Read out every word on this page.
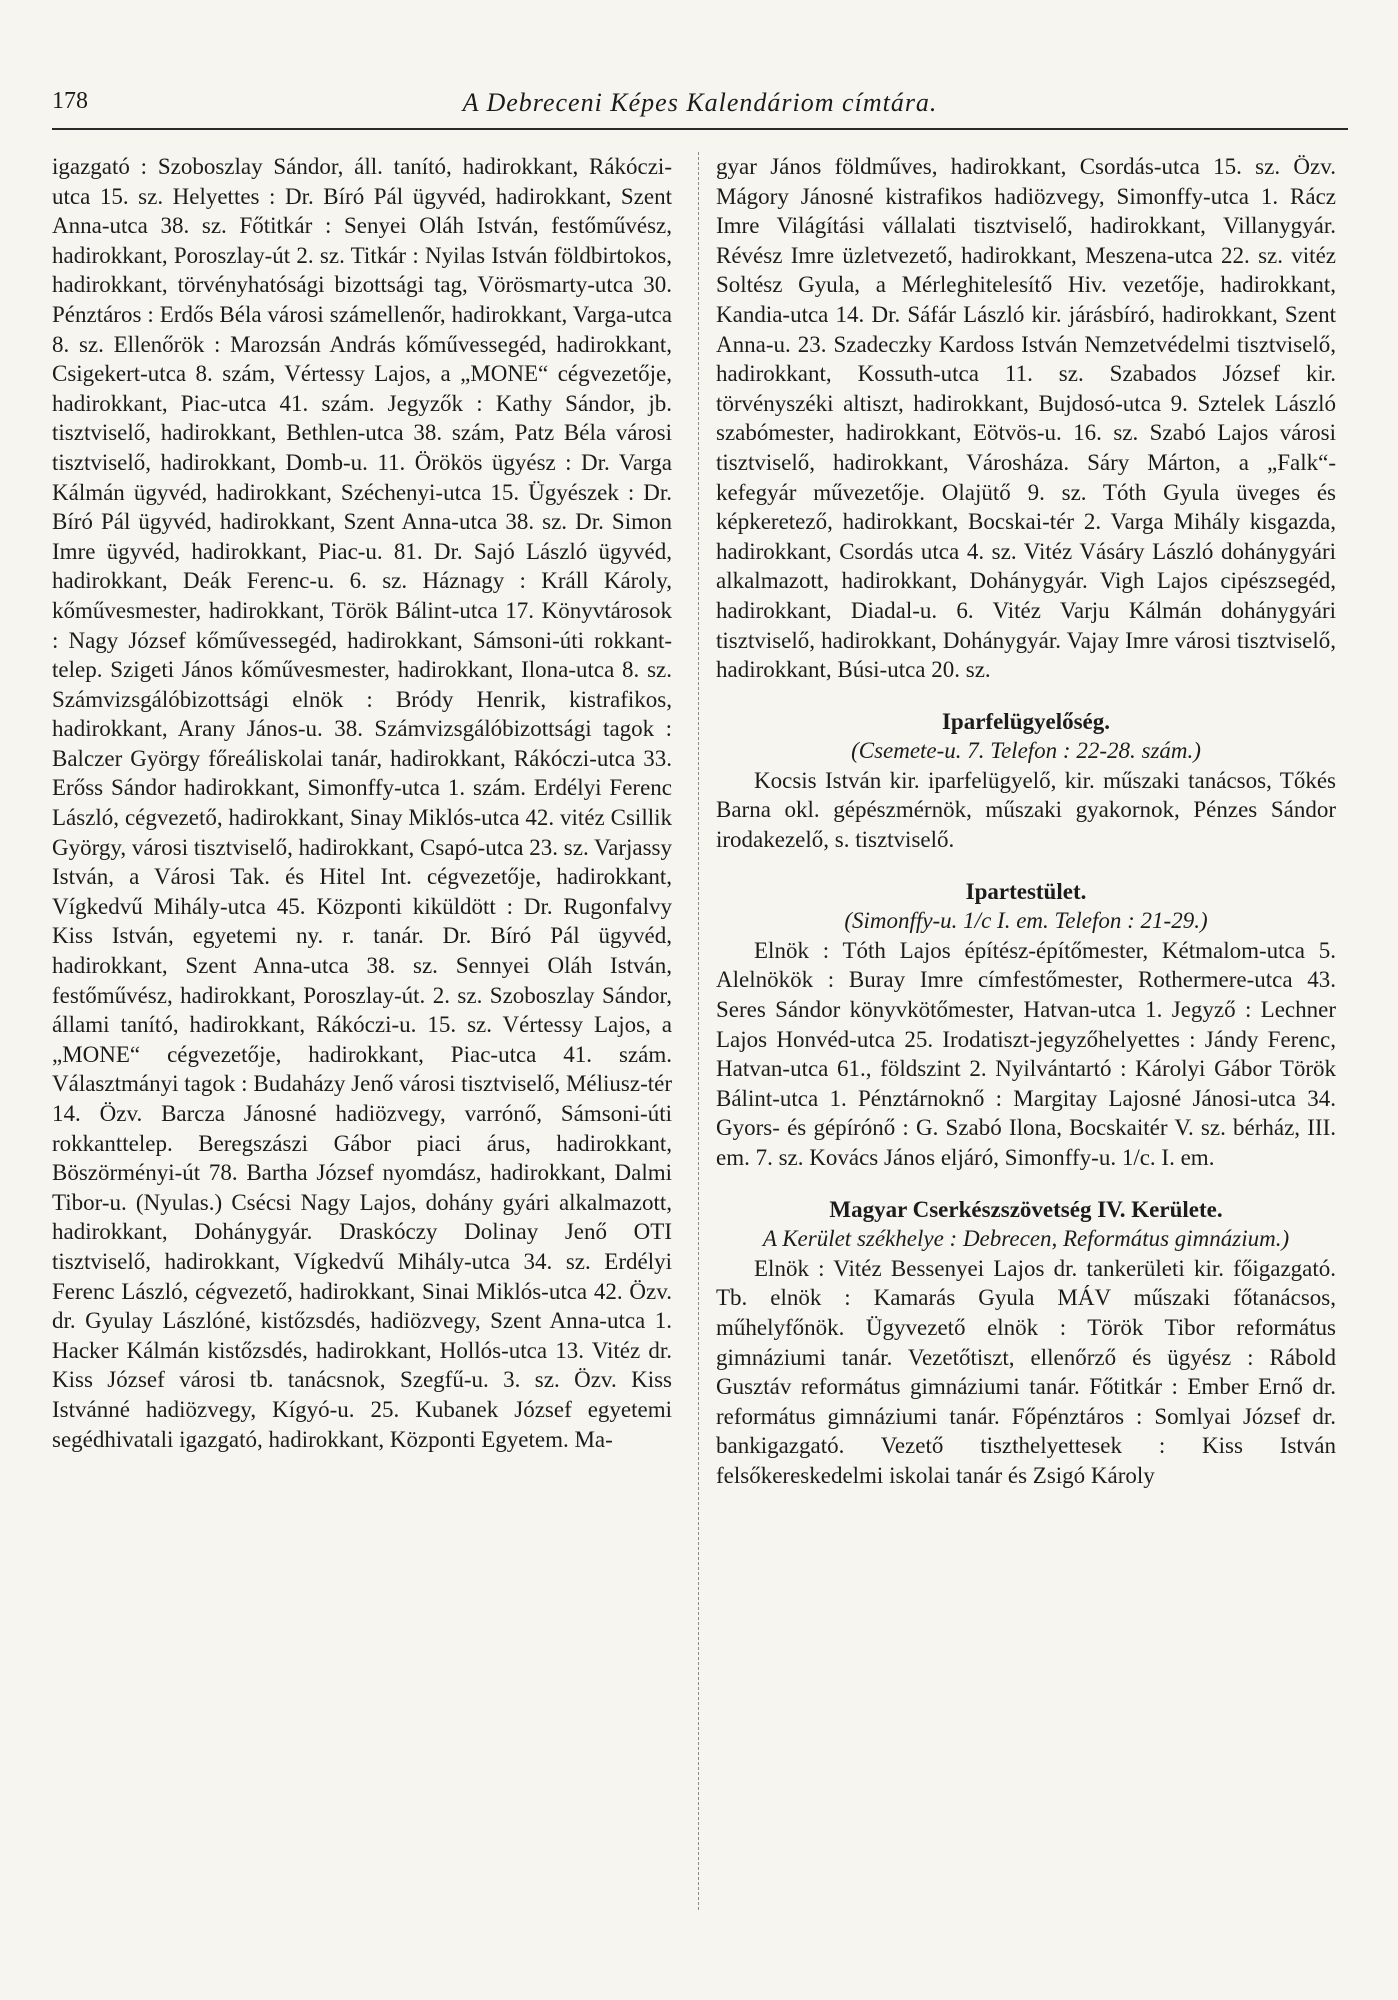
178	A Debreceni Képes Kalendáriom címtára.

igazgató : Szoboszlay Sándor, áll. tanító, hadirokkant, Rákóczi-utca 15. sz. Helyettes : Dr. Bíró Pál ügyvéd, hadirokkant, Szent Anna-utca 38. sz. Főtitkár : Senyei Oláh István, festőművész, hadirokkant, Poroszlay-út 2. sz. Titkár : Nyilas István földbirtokos, hadirokkant, törvényhatósági bizottsági tag, Vörösmarty-utca 30. Pénztáros : Erdős Béla városi számellenőr, hadirokkant, Varga-utca 8. sz. Ellenőrök : Marozsán András kőművessegéd, hadirokkant, Csigekert-utca 8. szám, Vértessy Lajos, a „MONE“ cégvezetője, hadirokkant, Piac-utca 41. szám. Jegyzők : Kathy Sándor, jb. tisztviselő, hadirokkant, Bethlen-utca 38. szám, Patz Béla városi tisztviselő, hadirokkant, Domb-u. 11. Örökös ügyész : Dr. Varga Kálmán ügyvéd, hadirokkant, Széchenyi-utca 15. Ügyészek : Dr. Bíró Pál ügyvéd, hadirokkant, Szent Anna-utca 38. sz. Dr. Simon Imre ügyvéd, hadirokkant, Piac-u. 81. Dr. Sajó László ügyvéd, hadirokkant, Deák Ferenc-u. 6. sz. Háznagy : Králl Károly, kőművesmester, hadirokkant, Török Bálint-utca 17. Könyvtárosok : Nagy József kőművessegéd, hadirokkant, Sámsoni-úti rokkant-telep. Szigeti János kőművesmester, hadirokkant, Ilona-utca 8. sz. Számvizsgálóbizottsági elnök : Bródy Henrik, kistrafikos, hadirokkant, Arany János-u. 38. Számvizsgálóbizottsági tagok : Balczer György főreáliskolai tanár, hadirokkant, Rákóczi-utca 33. Erőss Sándor hadirokkant, Simonffy-utca 1. szám. Erdélyi Ferenc László, cégvezető, hadirokkant, Sinay Miklós-utca 42. vitéz Csillik György, városi tisztviselő, hadirokkant, Csapó-utca 23. sz. Varjassy István, a Városi Tak. és Hitel Int. cégvezetője, hadirokkant, Vígkedvű Mihály-utca 45. Központi kiküldött : Dr. Rugonfalvy Kiss István, egyetemi ny. r. tanár. Dr. Bíró Pál ügyvéd, hadirokkant, Szent Anna-utca 38. sz. Sennyei Oláh István, festőművész, hadirokkant, Poroszlay-út. 2. sz. Szoboszlay Sándor, állami tanító, hadirokkant, Rákóczi-u. 15. sz. Vértessy Lajos, a „MONE“ cégvezetője, hadirokkant, Piac-utca 41. szám. Választmányi tagok : Budaházy Jenő városi tisztviselő, Méliusz-tér 14. Özv. Barcza Jánosné hadiözvegy, varrónő, Sámsoni-úti rokkanttelep. Beregszászi Gábor piaci árus, hadirokkant, Böszörményi-út 78. Bartha József nyomdász, hadirokkant, Dalmi Tibor-u. (Nyulas.) Csécsi Nagy Lajos, dohány gyári alkalmazott, hadirokkant, Dohánygyár. Draskóczy Dolinay Jenő OTI tisztviselő, hadirokkant, Vígkedvű Mihály-utca 34. sz. Erdélyi Ferenc László, cégvezető, hadirokkant, Sinai Miklós-utca 42. Özv. dr. Gyulay Lászlóné, kistőzsdés, hadiözvegy, Szent Anna-utca 1. Hacker Kálmán kistőzsdés, hadirokkant, Hollós-utca 13. Vitéz dr. Kiss József városi tb. tanácsnok, Szegfű-u. 3. sz. Özv. Kiss Istvánné hadiözvegy, Kígyó-u. 25. Kubanek József egyetemi segédhivatali igazgató, hadirokkant, Központi Egyetem. Ma-

gyar János földműves, hadirokkant, Csordás-utca 15. sz. Özv. Mágory Jánosné kistrafikos hadiözvegy, Simonffy-utca 1. Rácz Imre Világítási vállalati tisztviselő, hadirokkant, Villanygyár. Révész Imre üzletvezető, hadirokkant, Meszena-utca 22. sz. vitéz Soltész Gyula, a Mérleghitelesítő Hiv. vezetője, hadirokkant, Kandia-utca 14. Dr. Sáfár László kir. járásbíró, hadirokkant, Szent Anna-u. 23. Szadeczky Kardoss István Nemzetvédelmi tisztviselő, hadirokkant, Kossuth-utca 11. sz. Szabados József kir. törvényszéki altiszt, hadirokkant, Bujdosó-utca 9. Sztelek László szabómester, hadirokkant, Eötvös-u. 16. sz. Szabó Lajos városi tisztviselő, hadirokkant, Városháza. Sáry Márton, a „Falk“-kefegyár művezetője. Olajütő 9. sz. Tóth Gyula üveges és képkeretező, hadirokkant, Bocskai-tér 2. Varga Mihály kisgazda, hadirokkant, Csordás utca 4. sz. Vitéz Vásáry László dohánygyári alkalmazott, hadirokkant, Dohánygyár. Vigh Lajos cipészsegéd, hadirokkant, Diadal-u. 6. Vitéz Varju Kálmán dohánygyári tisztviselő, hadirokkant, Dohánygyár. Vajay Imre városi tisztviselő, hadirokkant, Búsi-utca 20. sz.

Iparfelügyelőség.

(Csemete-u. 7. Telefon : 22-28. szám.)

Kocsis István kir. iparfelügyelő, kir. műszaki tanácsos, Tőkés Barna okl. gépészmérnök, műszaki gyakornok, Pénzes Sándor irodakezelő, s. tisztviselő.

Ipartestület.

(Simonffy-u. 1/c I. em. Telefon : 21-29.)

Elnök : Tóth Lajos építész-építőmester, Kétmalom-utca 5. Alelnökök : Buray Imre címfestőmester, Rothermere-utca 43. Seres Sándor könyvkötőmester, Hatvan-utca 1. Jegyző : Lechner Lajos Honvéd-utca 25. Irodatiszt-jegyzőhelyettes : Jándy Ferenc, Hatvan-utca 61., földszint 2. Nyilvántartó : Károlyi Gábor Török Bálint-utca 1. Pénztárnoknő : Margitay Lajosné Jánosi-utca 34. Gyors- és gépírónő : G. Szabó Ilona, Bocskaitér V. sz. bérház, III. em. 7. sz. Kovács János eljáró, Simonffy-u. 1/c. I. em.

Magyar Cserkészszövetség IV. Kerülete.

A Kerület székhelye : Debrecen, Református gimnázium.)

Elnök : Vitéz Bessenyei Lajos dr. tankerületi kir. főigazgató. Tb. elnök : Kamarás Gyula MÁV műszaki főtanácsos, műhelyfőnök. Ügyvezető elnök : Török Tibor református gimnáziumi tanár. Vezetőtiszt, ellenőrző és ügyész : Rábold Gusztáv református gimnáziumi tanár. Főtitkár : Ember Ernő dr. református gimnáziumi tanár. Főpénztáros : Somlyai József dr. bankigazgató. Vezető tiszthelyettesek : Kiss István felsőkereskedelmi iskolai tanár és Zsigó Károly
